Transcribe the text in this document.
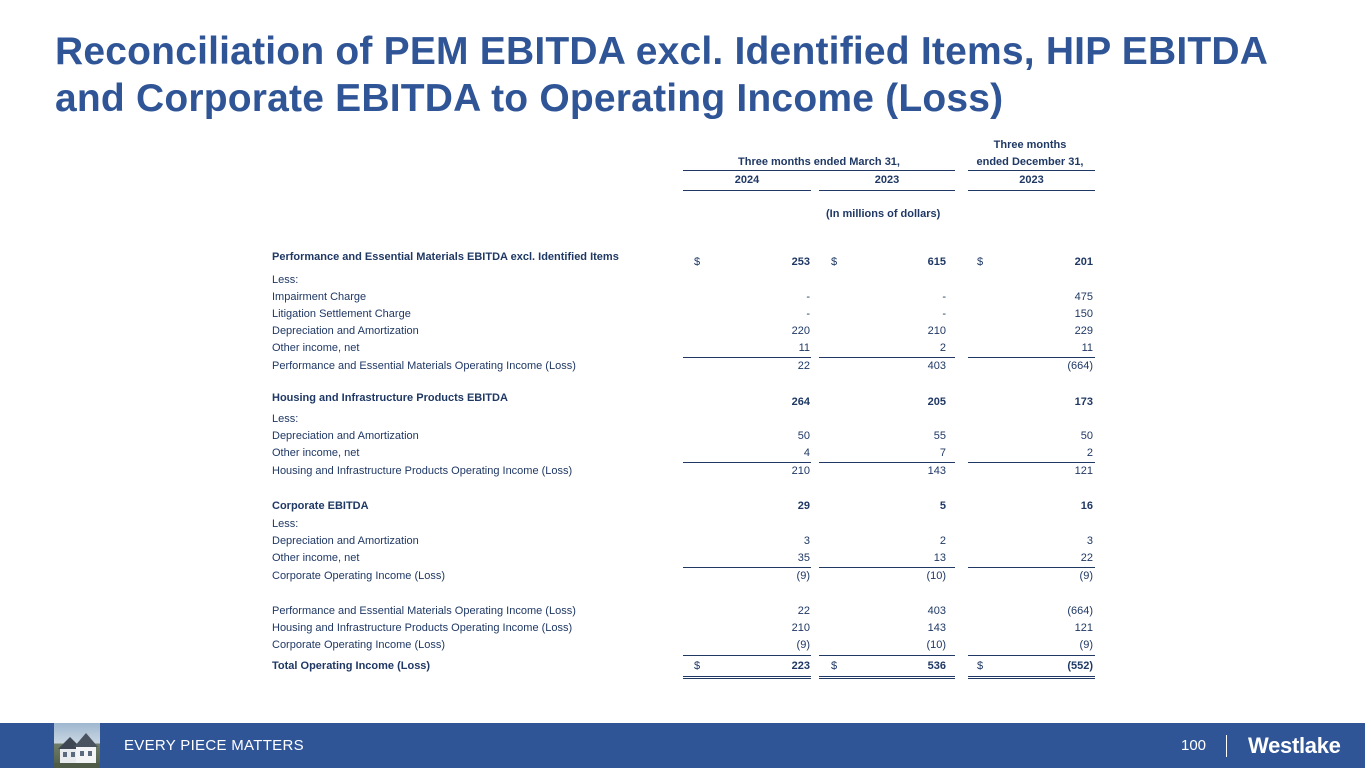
Reconciliation of PEM EBITDA excl. Identified Items, HIP EBITDA and Corporate EBITDA to Operating Income (Loss)
Three months ended March 31,
Three months
ended December 31,
2024	2023	2023
(In millions of dollars)
Performance and Essential Materials EBITDA excl. Identified Items	$	253 $	615	$	201
Less:
Impairment Charge	-	-	475
Litigation Settlement Charge	-	-	150
Depreciation and Amortization	220	210	229
Other income, net	11	2	11
Performance and Essential Materials Operating Income (Loss)	22	403	(664)
Housing and Infrastructure Products EBITDA	264	205	173
Less:
Depreciation and Amortization	50	55	50
Other income, net	4	7	2
Housing and Infrastructure Products Operating Income (Loss)	210	143	121
Corporate EBITDA	29	5	16
Less:
Depreciation and Amortization	3	2	3
Other income, net	35	13	22
Corporate Operating Income (Loss)	(9)	(10)	(9)
Performance and Essential Materials Operating Income (Loss)	22	403	(664)
Housing and Infrastructure Products Operating Income (Loss)	210	143	121
Corporate Operating Income (Loss)	(9)	(10)	(9)
Total Operating Income (Loss)	$	223 $	536	$	(552)
EVERY PIECE MATTERS	100 Westlake
